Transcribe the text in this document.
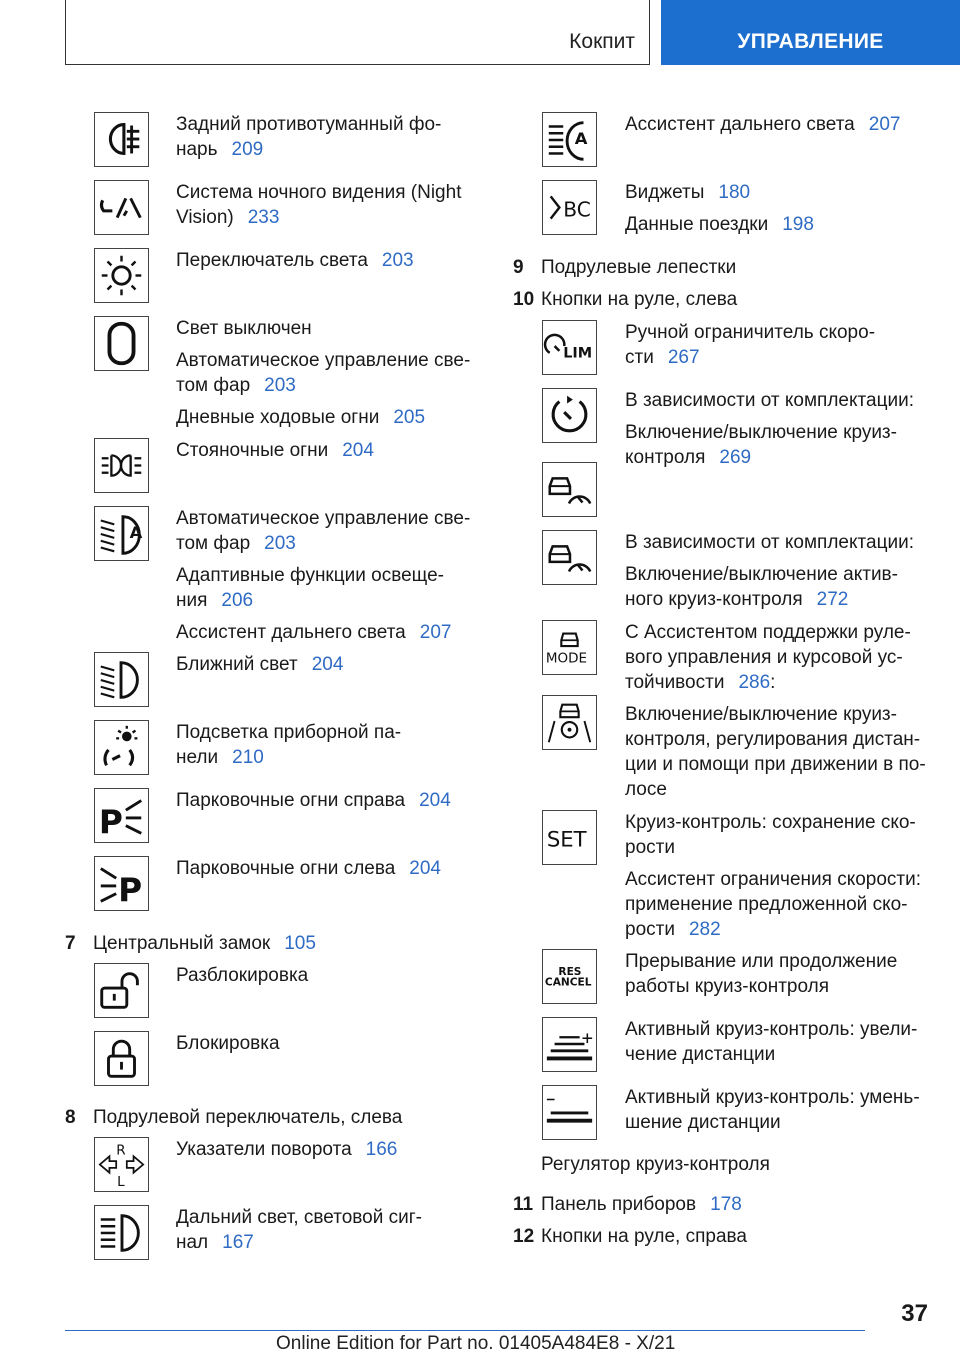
Кокпит	УПРАВЛЕНИЕ
Задний противотуманный фо-
нарь 209
Система ночного видения (Night
Vision) 233
Переключатель света 203
Свет выключен
Автоматическое управление све-
том фар 203
Дневные ходовые огни 205
Стояночные огни 204
A
Автоматическое управление све-
том фар 203
Адаптивные функции освеще-
ния 206
Ассистент дальнего света 207
Ближний свет 204
Подсветка приборной па-
нели 210
P
Парковочные огни справа 204
P
Парковочные огни слева 204
7 Центральный замок 105
Разблокировка
Блокировка
8 Подрулевой переключатель, слева
R
L
Указатели поворота 166
Дальний свет, световой сиг-
нал 167
A
Ассистент дальнего света 207
BC
Виджеты 180
Данные поездки 198
9 Подрулевые лепестки
10 Кнопки на руле, слева
LIM
Ручной ограничитель скоро-
сти 267
В зависимости от комплектации:
Включение/выключение круиз-
контроля 269
В зависимости от комплектации:
Включение/выключение актив-
ного круиз-контроля 272
MODE
С Ассистентом поддержки руле-
вого управления и курсовой ус-
тойчивости 286:
Включение/выключение круиз-
контроля, регулирования дистан-
ции и помощи при движении в по-
лосе
SET
Круиз-контроль: сохранение ско-
рости
Ассистент ограничения скорости:
применение предложенной ско-
рости 282
RES
CANCEL
Прерывание или продолжение
работы круиз-контроля
Активный круиз-контроль: увели-
чение дистанции
Активный круиз-контроль: умень-
шение дистанции
Регулятор круиз-контроля
11 Панель приборов 178
12 Кнопки на руле, справа
37
Online Edition for Part no. 01405A484E8 - X/21
